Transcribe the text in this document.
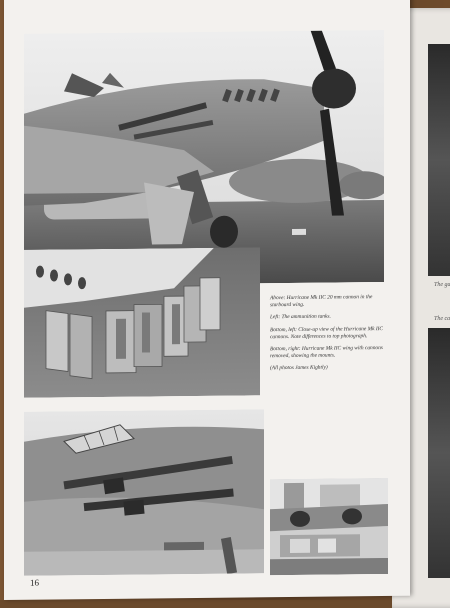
The ga
The ca

Above: Hurricane Mk IIC 20 mm cannon in the starboard wing.

Left: The ammunition tanks.

Bottom, left: Close-up view of the Hurricane Mk IIC cannons. Note differences to top photograph.

Bottom, right: Hurricane Mk IIC wing with cannons removed, showing the mounts.

(All photos James Kightly)

16
